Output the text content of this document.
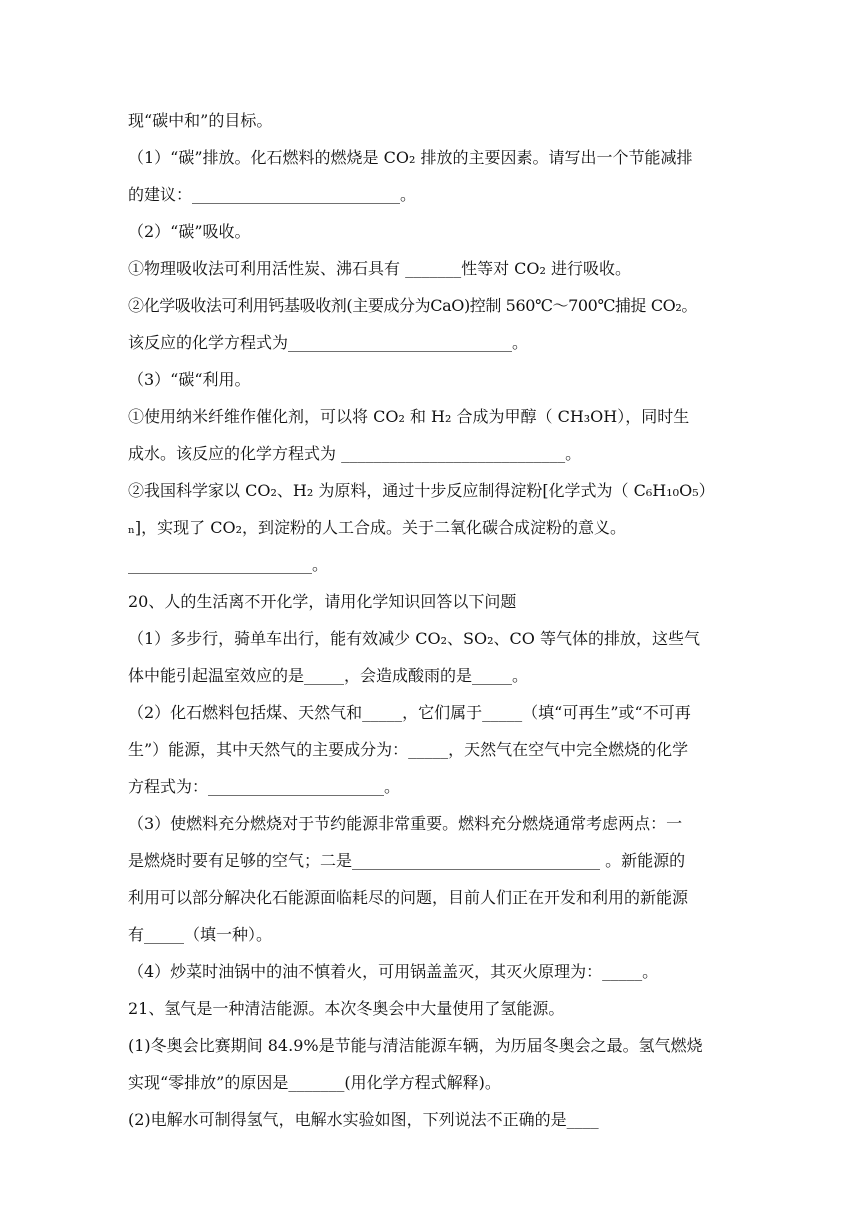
现“碳中和”的目标。
（1）“碳”排放。化石燃料的燃烧是 CO₂ 排放的主要因素。请写出一个节能减排
的建议：__________________________。
（2）“碳”吸收。
①物理吸收法可利用活性炭、沸石具有 _______性等对 CO₂ 进行吸收。
②化学吸收法可利用钙基吸收剂(主要成分为CaO)控制 560℃～700℃捕捉 CO₂。
该反应的化学方程式为____________________________。
（3）“碳“利用。
①使用纳米纤维作催化剂，可以将 CO₂ 和 H₂ 合成为甲醇（ CH₃OH），同时生
成水。该反应的化学方程式为 ____________________________。
②我国科学家以 CO₂、H₂ 为原料，通过十步反应制得淀粉[化学式为（ C₆H₁₀O₅）
ₙ]，实现了 CO₂，到淀粉的人工合成。关于二氧化碳合成淀粉的意义。
_______________________。
20、人的生活离不开化学，请用化学知识回答以下问题
（1）多步行，骑单车出行，能有效减少 CO₂、SO₂、CO 等气体的排放，这些气
体中能引起温室效应的是_____，会造成酸雨的是_____。
（2）化石燃料包括煤、天然气和_____，它们属于_____（填“可再生”或“不可再
生”）能源，其中天然气的主要成分为：_____，天然气在空气中完全燃烧的化学
方程式为：______________________。
（3）使燃料充分燃烧对于节约能源非常重要。燃料充分燃烧通常考虑两点：一
是燃烧时要有足够的空气；二是_______________________________ 。新能源的
利用可以部分解决化石能源面临耗尽的问题，目前人们正在开发和利用的新能源
有_____（填一种）。
（4）炒菜时油锅中的油不慎着火，可用锅盖盖灭，其灭火原理为：_____。
21、氢气是一种清洁能源。本次冬奥会中大量使用了氢能源。
(1)冬奥会比赛期间 84.9%是节能与清洁能源车辆，为历届冬奥会之最。氢气燃烧
实现“零排放”的原因是_______(用化学方程式解释)。
(2)电解水可制得氢气，电解水实验如图，下列说法不正确的是____
